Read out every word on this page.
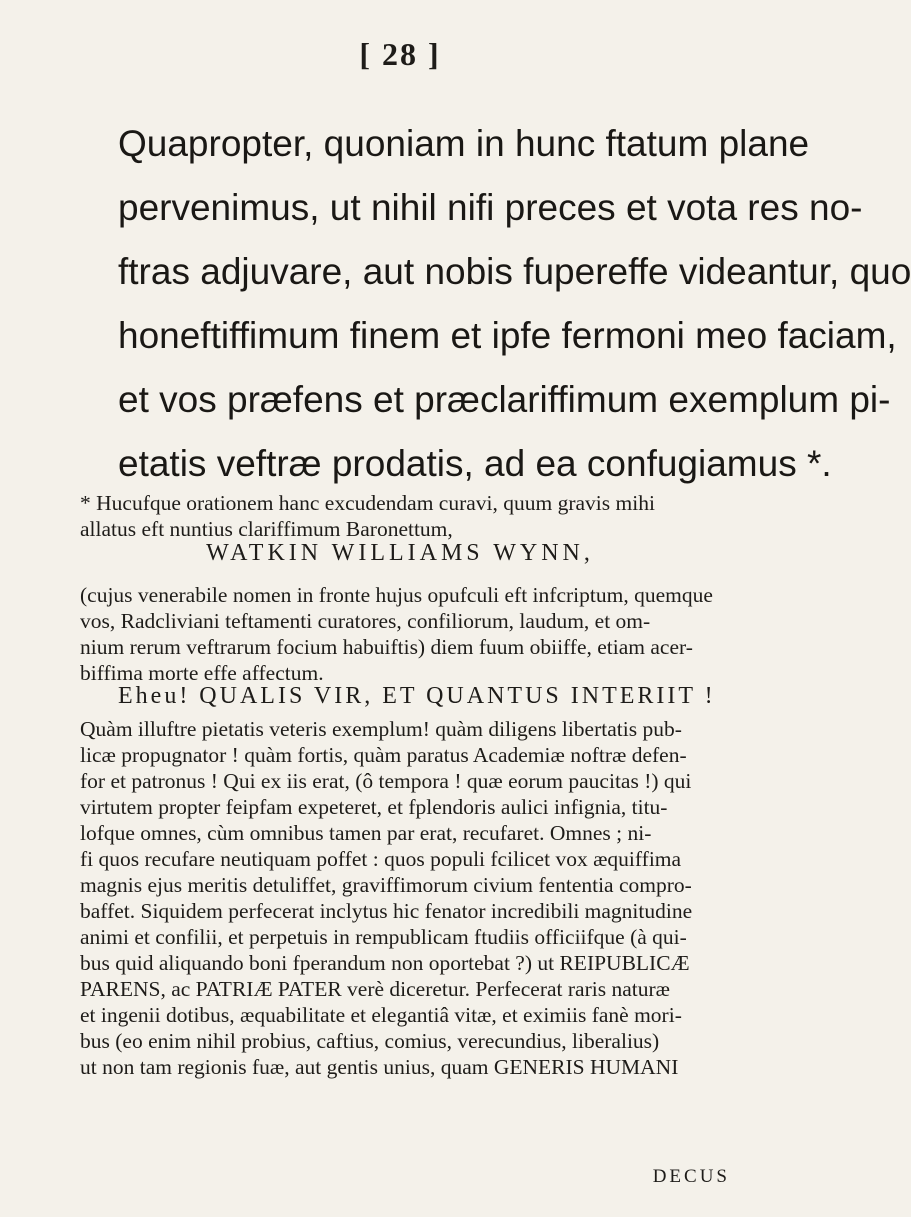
[ 28 ]
Quapropter, quoniam in hunc ftatum plane
pervenimus, ut nihil nifi preces et vota res no-
ftras adjuvare, aut nobis fupereffe videantur, quo
honeftiffimum finem et ipfe fermoni meo faciam,
et vos præfens et præclariffimum exemplum pi-
etatis veftræ prodatis, ad ea confugiamus *.
* Hucufque orationem hanc excudendam curavi, quum gravis mihi
allatus eft nuntius clariffimum Baronettum,
WATKIN WILLIAMS WYNN,
(cujus venerabile nomen in fronte hujus opufculi eft infcriptum, quemque
vos, Radcliviani teftamenti curatores, confiliorum, laudum, et om-
nium rerum veftrarum focium habuiftis) diem fuum obiiffe, etiam acer-
biffima morte effe affectum.
Eheu! QUALIS VIR, ET QUANTUS INTERIIT !
Quàm illuftre pietatis veteris exemplum! quàm diligens libertatis pub-
licæ propugnator ! quàm fortis, quàm paratus Academiæ noftræ defen-
for et patronus ! Qui ex iis erat, (ô tempora ! quæ eorum paucitas !) qui
virtutem propter feipfam expeteret, et fplendoris aulici infignia, titu-
lofque omnes, cùm omnibus tamen par erat, recufaret. Omnes ; ni-
fi quos recufare neutiquam poffet : quos populi fcilicet vox æquiffima
magnis ejus meritis detuliffet, graviffimorum civium fententia compro-
baffet. Siquidem perfecerat inclytus hic fenator incredibili magnitudine
animi et confilii, et perpetuis in rempublicam ftudiis officiifque (à qui-
bus quid aliquando boni fperandum non oportebat ?) ut REIPUBLICÆ
PARENS, ac PATRIÆ PATER verè diceretur. Perfecerat raris naturæ
et ingenii dotibus, æquabilitate et elegantiâ vitæ, et eximiis fanè mori-
bus (eo enim nihil probius, caftius, comius, verecundius, liberalius)
ut non tam regionis fuæ, aut gentis unius, quam GENERIS HUMANI
DECUS
